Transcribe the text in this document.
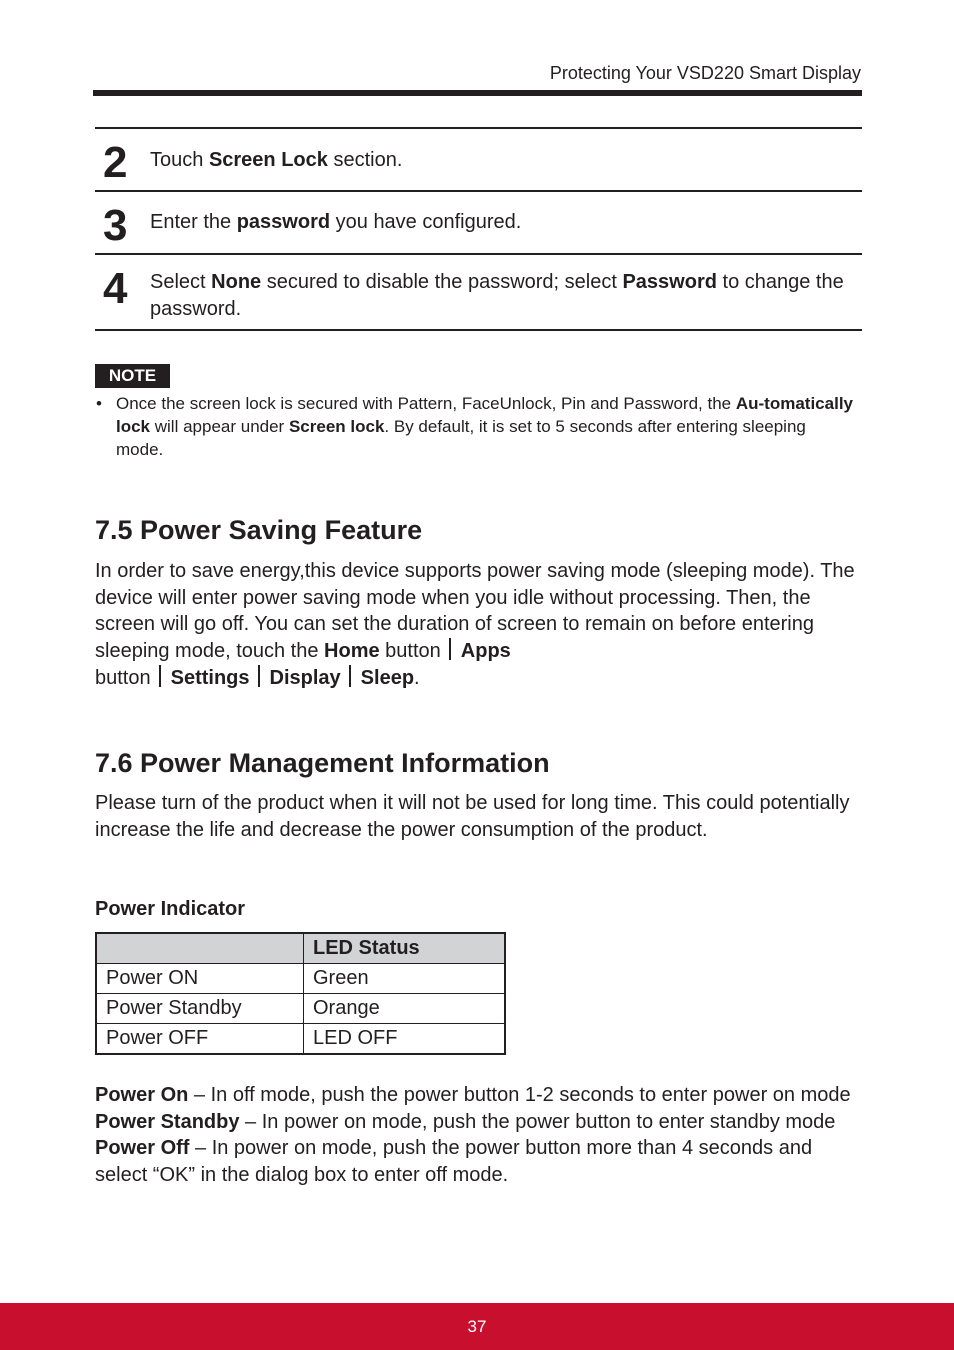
Protecting Your VSD220 Smart Display
2 Touch Screen Lock section.
3 Enter the password you have configured.
4 Select None secured to disable the password; select Password to change the password.
NOTE
• Once the screen lock is secured with Pattern, FaceUnlock, Pin and Password, the Au-tomatically lock will appear under Screen lock. By default, it is set to 5 seconds after entering sleeping mode.
7.5 Power Saving Feature
In order to save energy,this device supports power saving mode (sleeping mode). The device will enter power saving mode when you idle without processing. Then, the screen will go off. You can set the duration of screen to remain on before entering sleeping mode, touch the Home button Apps
button Settings Display Sleep.
7.6 Power Management Information
Please turn of the product when it will not be used for long time. This could potentially increase the life and decrease the power consumption of the product.
Power Indicator
	LED Status
Power ON	Green
Power Standby	Orange
Power OFF	LED OFF
Power On – In off mode, push the power button 1-2 seconds to enter power on mode
Power Standby – In power on mode, push the power button to enter standby mode
Power Off – In power on mode, push the power button more than 4 seconds and select “OK” in the dialog box to enter off mode.
37
